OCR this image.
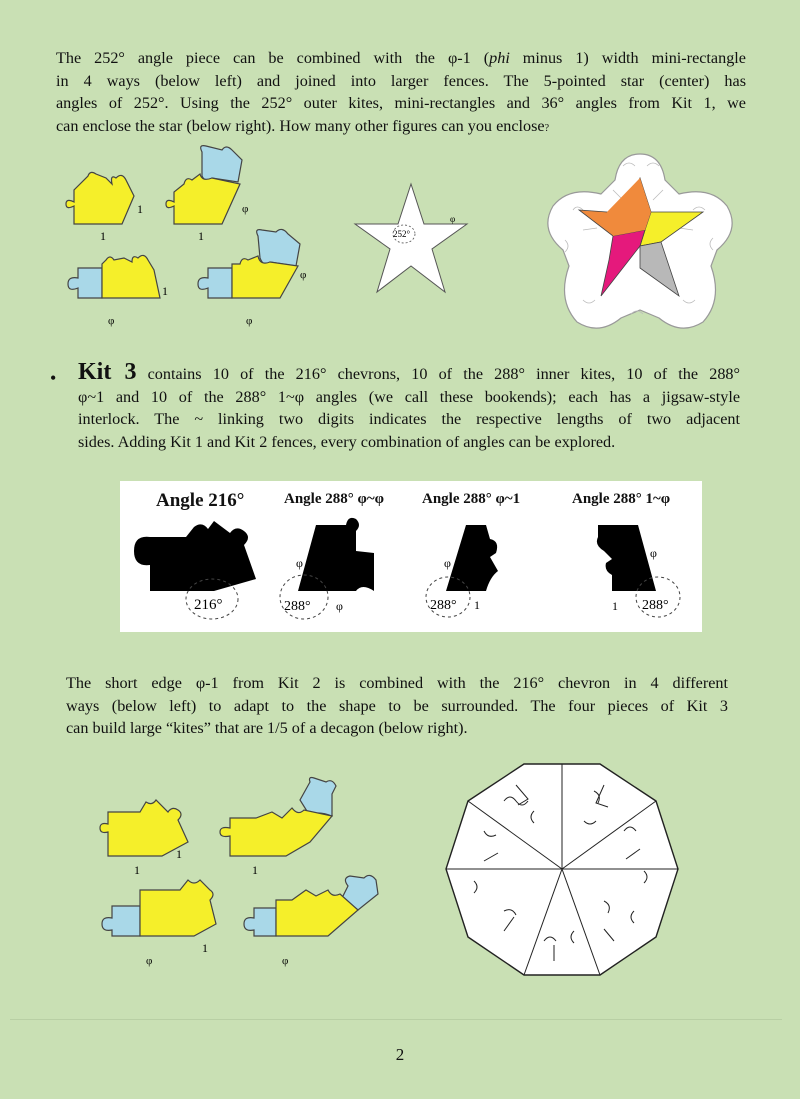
The 252° angle piece can be combined with the φ-1 (phi minus 1) width mini-rectangle
in 4 ways (below left) and joined into larger fences. The 5-pointed star (center) has
angles of 252°. Using the 252° outer kites, mini-rectangles and 36° angles from Kit 1, we
can enclose the star (below right). How many other figures can you enclose?
1
1	1
φ
1
φ
φ
φ
252°
φ
• Kit 3 contains 10 of the 216° chevrons, 10 of the 288° inner kites, 10 of the 288°
φ~1 and 10 of the 288° 1~φ angles (we call these bookends); each has a jigsaw-style
interlock. The ~ linking two digits indicates the respective lengths of two adjacent
sides. Adding Kit 1 and Kit 2 fences, every combination of angles can be explored.
Angle 216°	Angle 288° φ~φ	Angle 288° φ~1	Angle 288° 1~φ
216°	288°
φ
φ	288°
φ
1	288°
1
φ
The short edge φ-1 from Kit 2 is combined with the 216° chevron in 4 different
ways (below left) to adapt to the shape to be surrounded. The four pieces of Kit 3
can build large “kites” that are 1/5 of a decagon (below right).
1
1	1
1
φ	φ
2
